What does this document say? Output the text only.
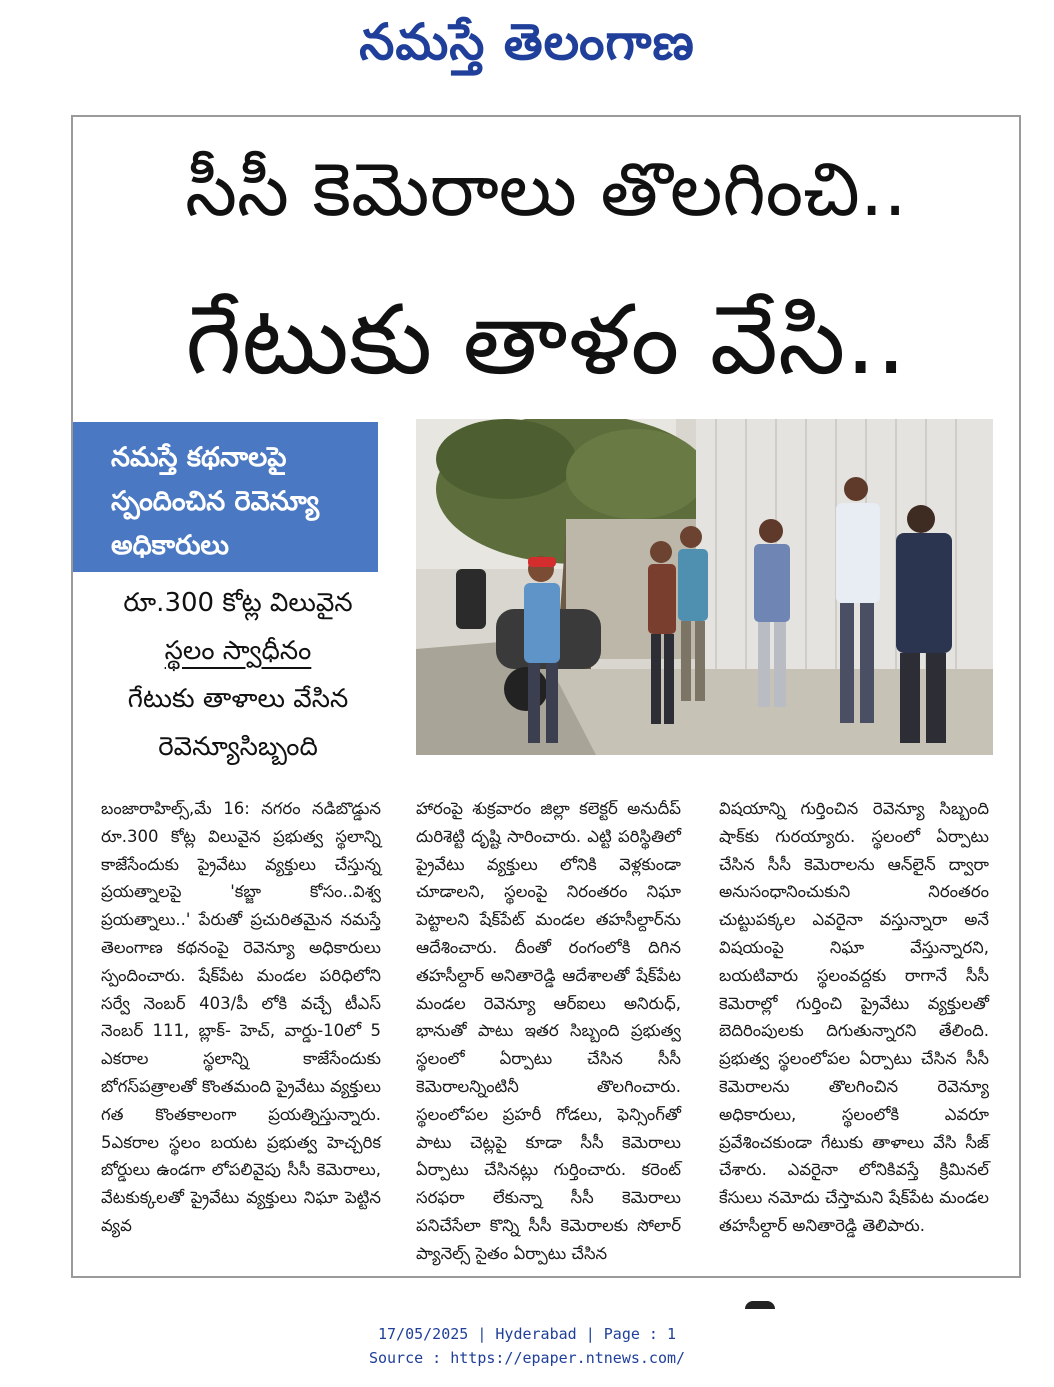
నమస్తే తెలంగాణ
సీసీ కెమెరాలు తొలగించి..
గేటుకు తాళం వేసి..
నమస్తే కథనాలపై
స్పందించిన రెవెన్యూ
అధికారులు
రూ.300 కోట్ల విలువైన
స్థలం స్వాధీనం
గేటుకు తాళాలు వేసిన
రెవెన్యూసిబ్బంది

బంజారాహిల్స్,మే 16: నగరం నడిబొడ్డున రూ.300 కోట్ల విలువైన ప్రభుత్వ స్థలాన్ని కాజేసేందుకు ప్రైవేటు వ్యక్తులు చేస్తున్న ప్రయత్నాలపై 'కబ్జా కోసం..విశ్వ ప్రయత్నాలు..' పేరుతో ప్రచురితమైన నమస్తే తెలంగాణ కథనంపై రెవెన్యూ అధికారులు స్పందించారు. షేక్‌పేట మండల పరిధిలోని సర్వే నెంబర్ 403/పీ లోకి వచ్చే టీఎస్ నెంబర్ 111, బ్లాక్- హెచ్, వార్డు-10లో 5 ఎకరాల స్థలాన్ని కాజేసేందుకు బోగస్‌పత్రాలతో కొంతమంది ప్రైవేటు వ్యక్తులు గత కొంతకాలంగా ప్రయత్నిస్తున్నారు. 5ఎకరాల స్థలం బయట ప్రభుత్వ హెచ్చరిక బోర్డులు ఉండగా లోపలివైపు సీసీ కెమెరాలు, వేటకుక్కలతో ప్రైవేటు వ్యక్తులు నిఘా పెట్టిన వ్యవ

హారంపై శుక్రవారం జిల్లా కలెక్టర్ అనుదీప్ దురిశెట్టి దృష్టి సారించారు. ఎట్టి పరిస్థితిలో ప్రైవేటు వ్యక్తులు లోనికి వెళ్లకుండా చూడాలని, స్థలంపై నిరంతరం నిఘా పెట్టాలని షేక్‌పేట్ మండల తహసీల్దార్‌ను ఆదేశించారు. దీంతో రంగంలోకి దిగిన తహసీల్దార్ అనితారెడ్డి ఆదేశాలతో షేక్‌పేట మండల రెవెన్యూ ఆర్ఐలు అనిరుధ్, భానుతో పాటు ఇతర సిబ్బంది ప్రభుత్వ స్థలంలో ఏర్పాటు చేసిన సీసీ కెమెరాలన్నింటినీ తొలగించారు. స్థలంలోపల ప్రహరీ గోడలు, ఫెన్సింగ్‌తో పాటు చెట్లపై కూడా సీసీ కెమెరాలు ఏర్పాటు చేసినట్లు గుర్తించారు. కరెంట్ సరఫరా లేకున్నా సీసీ కెమెరాలు పనిచేసేలా కొన్ని సీసీ కెమెరాలకు సోలార్ ప్యానెల్స్ సైతం ఏర్పాటు చేసిన

విషయాన్ని గుర్తించిన రెవెన్యూ సిబ్బంది షాక్‌కు గురయ్యారు. స్థలంలో ఏర్పాటు చేసిన సీసీ కెమెరాలను ఆన్‌లైన్ ద్వారా అనుసంధానించుకుని నిరంతరం చుట్టుపక్కల ఎవరైనా వస్తున్నారా అనే విషయంపై నిఘా వేస్తున్నారని, బయటివారు స్థలంవద్దకు రాగానే సీసీ కెమెరాల్లో గుర్తించి ప్రైవేటు వ్యక్తులతో బెదిరింపులకు దిగుతున్నారని తేలింది. ప్రభుత్వ స్థలంలోపల ఏర్పాటు చేసిన సీసీ కెమెరాలను తొలగించిన రెవెన్యూ అధికారులు, స్థలంలోకి ఎవరూ ప్రవేశించకుండా గేటుకు తాళాలు వేసి సీజ్ చేశారు. ఎవరైనా లోనికివస్తే క్రిమినల్ కేసులు నమోదు చేస్తామని షేక్‌పేట మండల తహసీల్దార్ అనితారెడ్డి తెలిపారు.

17/05/2025 | Hyderabad | Page : 1
Source : https://epaper.ntnews.com/
